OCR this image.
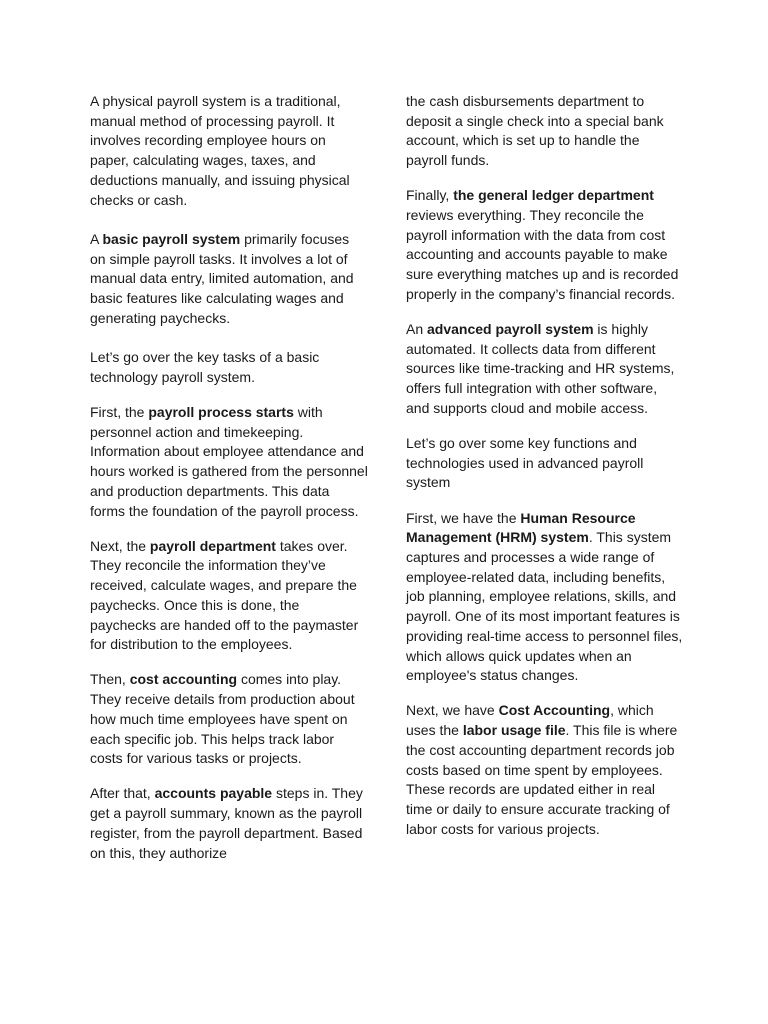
A physical payroll system is a traditional, manual method of processing payroll. It involves recording employee hours on paper, calculating wages, taxes, and deductions manually, and issuing physical checks or cash.

A basic payroll system primarily focuses on simple payroll tasks. It involves a lot of manual data entry, limited automation, and basic features like calculating wages and generating paychecks.

Let’s go over the key tasks of a basic technology payroll system.

First, the payroll process starts with personnel action and timekeeping. Information about employee attendance and hours worked is gathered from the personnel and production departments. This data forms the foundation of the payroll process.

Next, the payroll department takes over. They reconcile the information they’ve received, calculate wages, and prepare the paychecks. Once this is done, the paychecks are handed off to the paymaster for distribution to the employees.

Then, cost accounting comes into play. They receive details from production about how much time employees have spent on each specific job. This helps track labor costs for various tasks or projects.

After that, accounts payable steps in. They get a payroll summary, known as the payroll register, from the payroll department. Based on this, they authorize

the cash disbursements department to deposit a single check into a special bank account, which is set up to handle the payroll funds.

Finally, the general ledger department reviews everything. They reconcile the payroll information with the data from cost accounting and accounts payable to make sure everything matches up and is recorded properly in the company’s financial records.

An advanced payroll system is highly automated. It collects data from different sources like time-tracking and HR systems, offers full integration with other software, and supports cloud and mobile access.

Let’s go over some key functions and technologies used in advanced payroll system

First, we have the Human Resource Management (HRM) system. This system captures and processes a wide range of employee-related data, including benefits, job planning, employee relations, skills, and payroll. One of its most important features is providing real-time access to personnel files, which allows quick updates when an employee's status changes.

Next, we have Cost Accounting, which uses the labor usage file. This file is where the cost accounting department records job costs based on time spent by employees. These records are updated either in real time or daily to ensure accurate tracking of labor costs for various projects.
